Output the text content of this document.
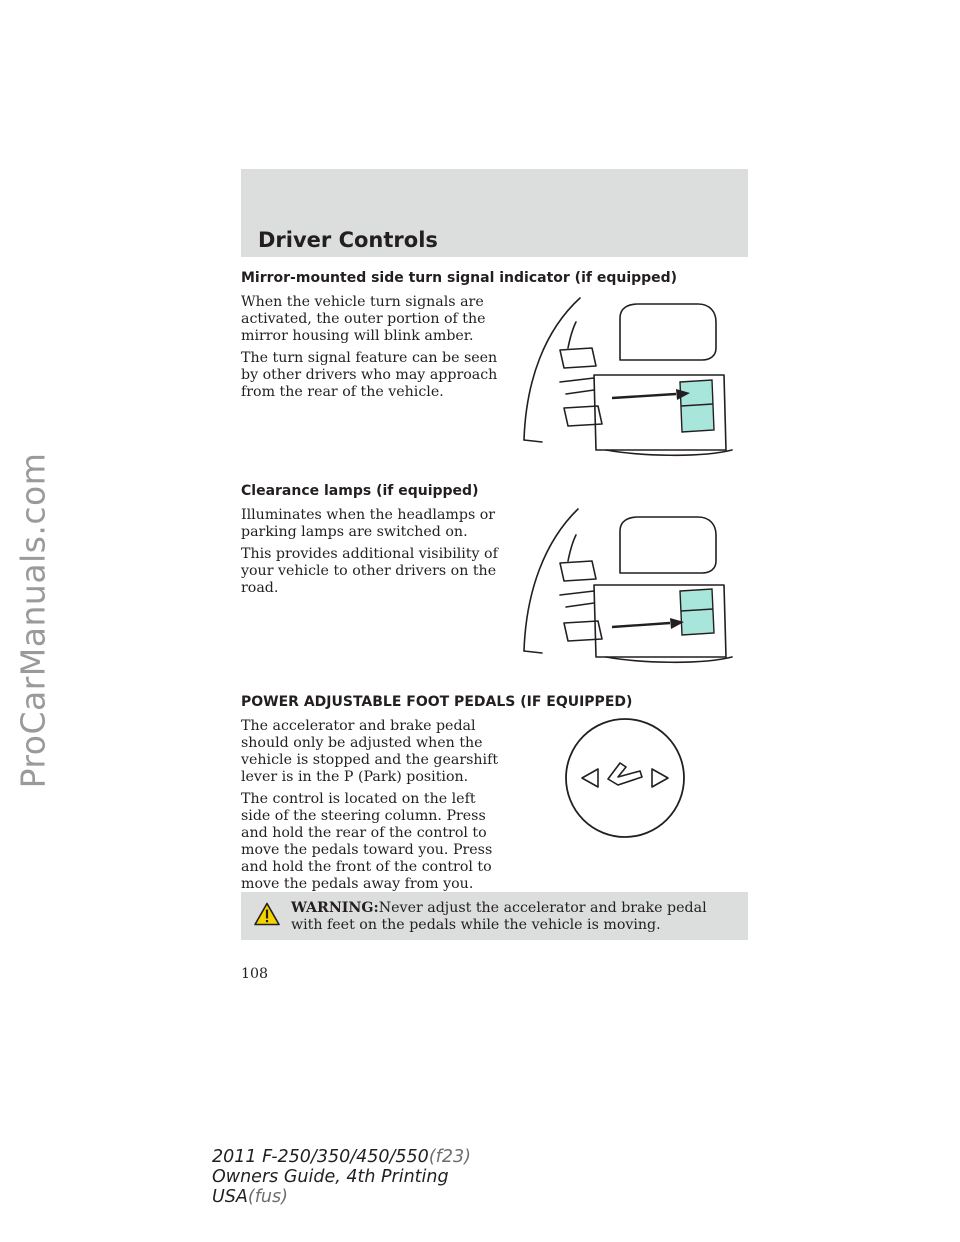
ProCarManuals.com
Driver Controls
Mirror-mounted side turn signal indicator (if equipped)

When the vehicle turn signals are activated, the outer portion of the mirror housing will blink amber.

The turn signal feature can be seen by other drivers who may approach from the rear of the vehicle.

Clearance lamps (if equipped)

Illuminates when the headlamps or parking lamps are switched on.

This provides additional visibility of your vehicle to other drivers on the road.

POWER ADJUSTABLE FOOT PEDALS (IF EQUIPPED)

The accelerator and brake pedal should only be adjusted when the vehicle is stopped and the gearshift lever is in the P (Park) position.

The control is located on the left side of the steering column. Press and hold the rear of the control to move the pedals toward you. Press and hold the front of the control to move the pedals away from you.

WARNING:Never adjust the accelerator and brake pedal with feet on the pedals while the vehicle is moving.
108
2011 F-250/350/450/550(f23)
Owners Guide, 4th Printing
USA(fus)
